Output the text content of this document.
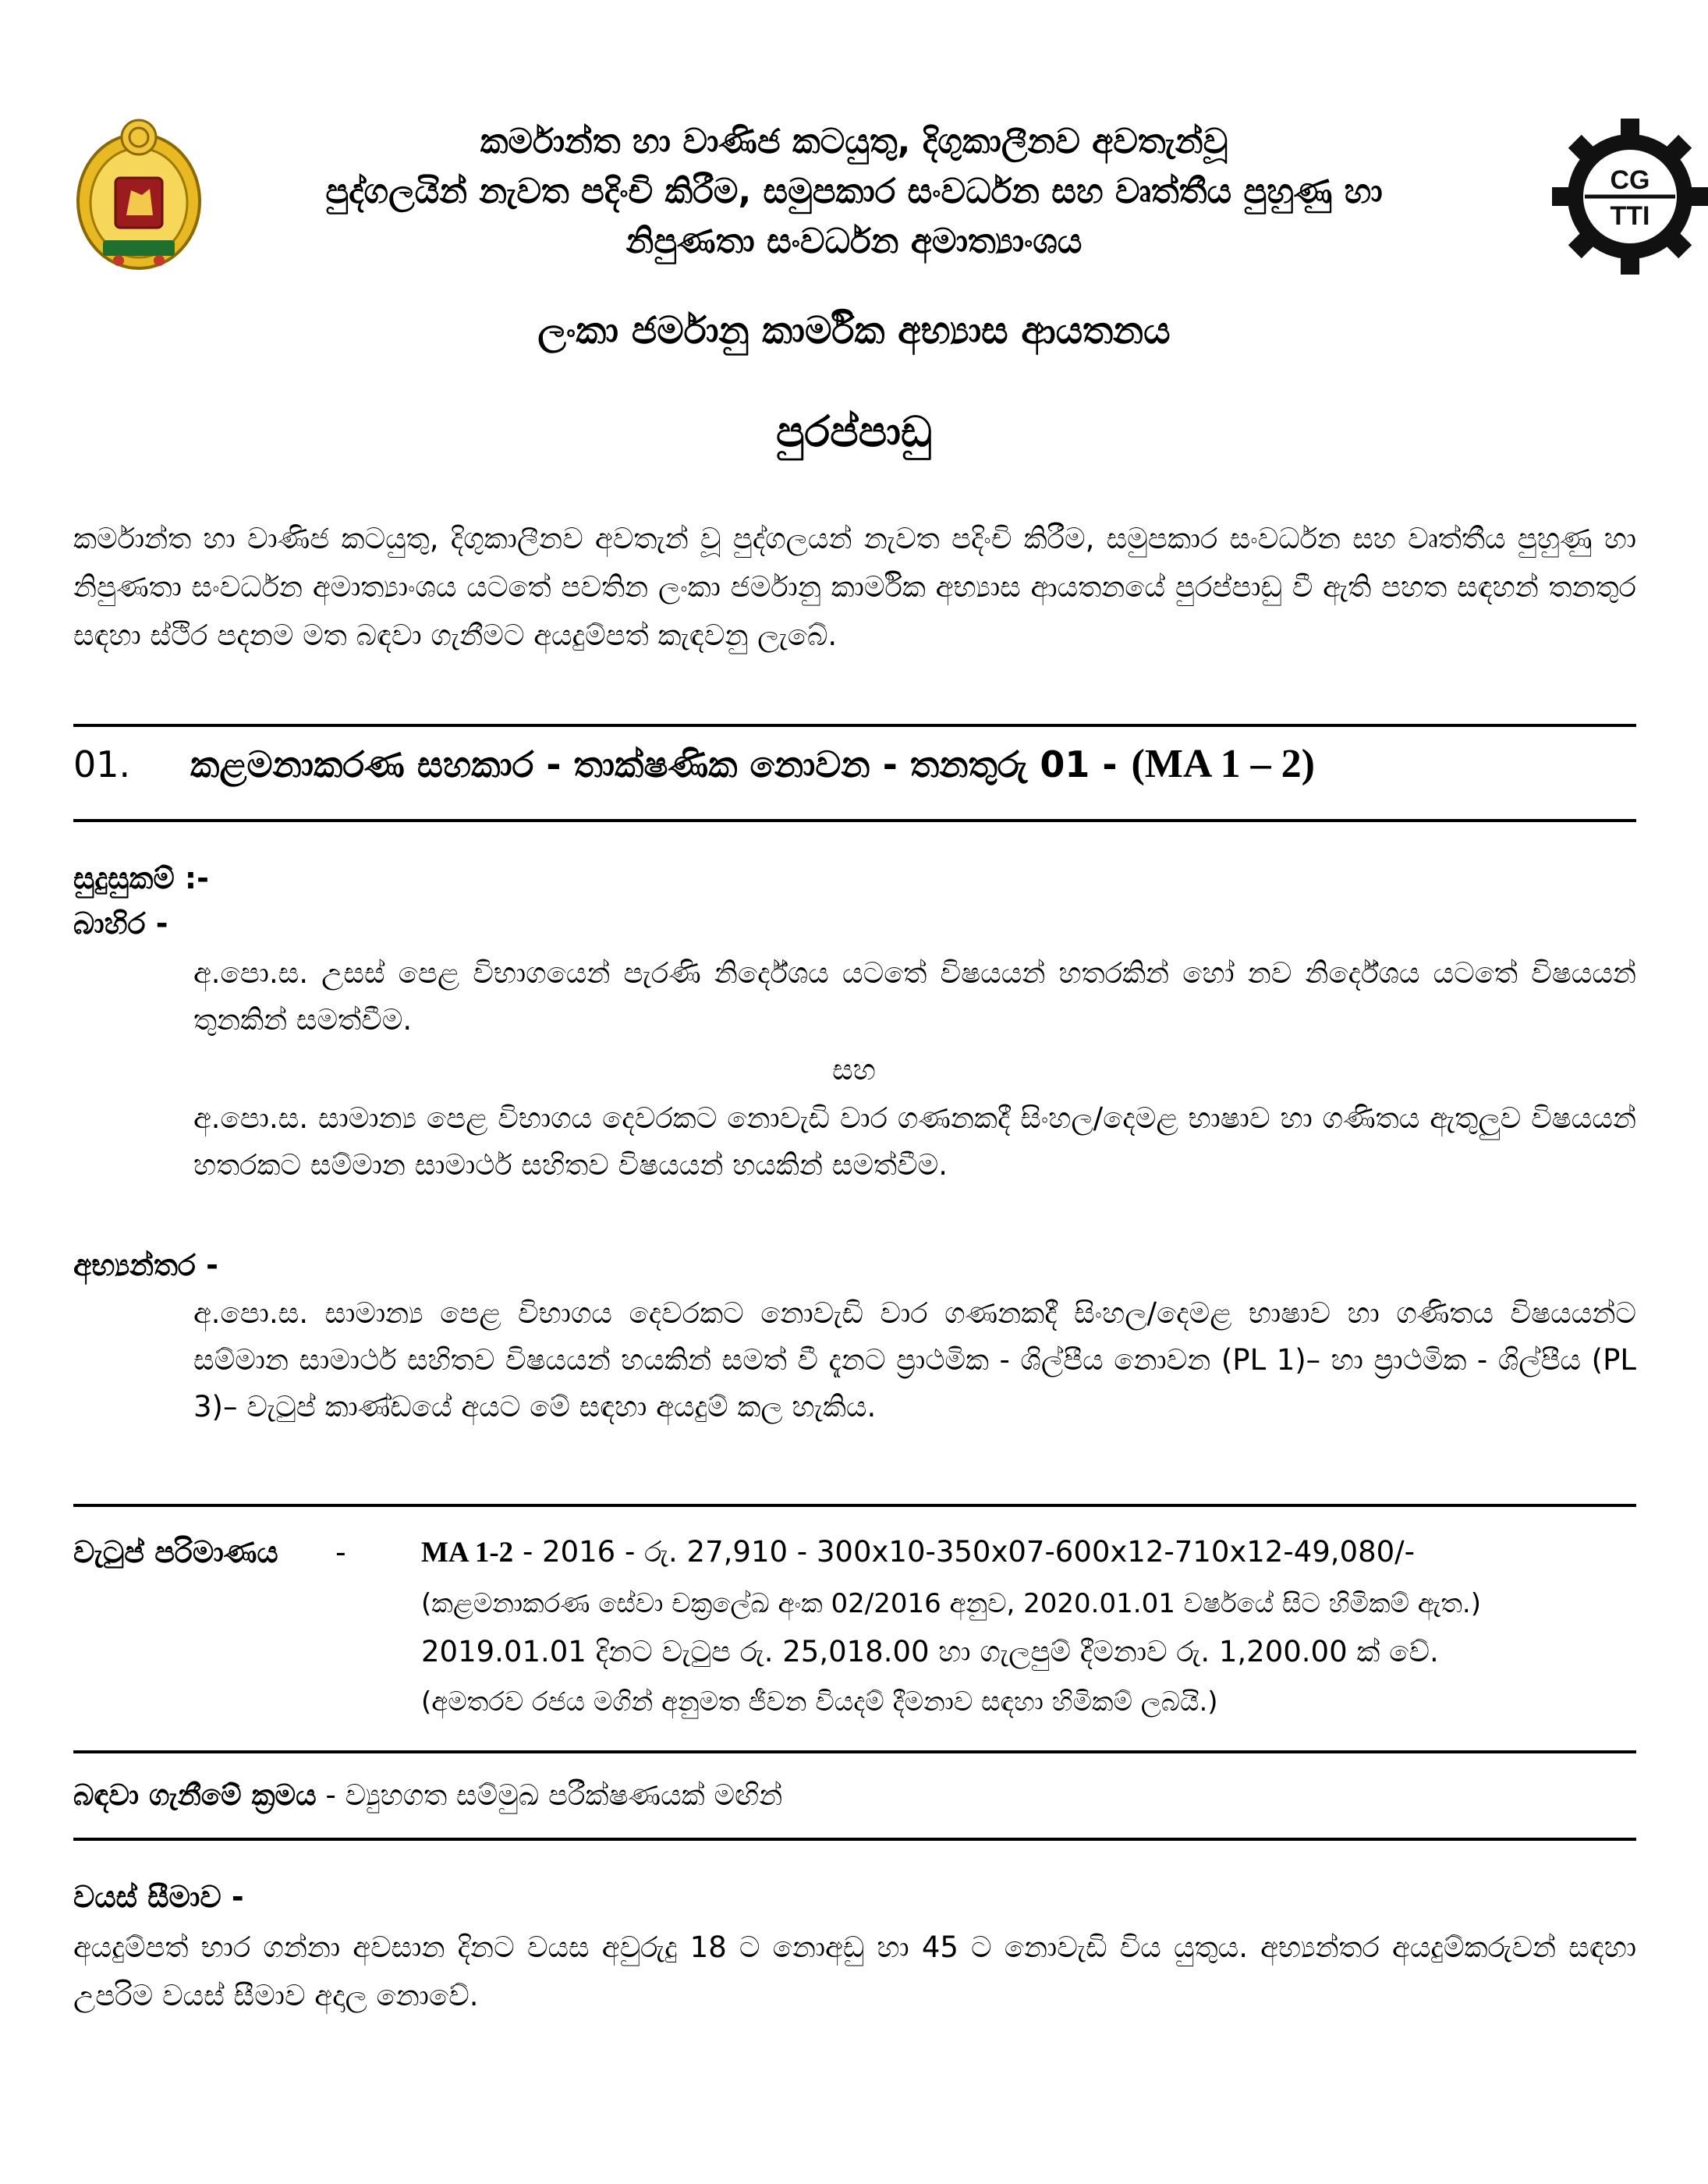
CG
TTI
කර්මාන්ත හා වාණිජ කටයුතු, දිගුකාලීනව අවතැන්වූ
පුද්ගලයින් නැවත පදිංචි කිරීම, සමුපකාර සංවර්ධන සහ වෘත්තීය පුහුණු හා
නිපුණතා සංවර්ධන අමාත්‍යාංශය
ලංකා ජර්මානු කාර්මික අභ්‍යාස ආයතනය
පුරප්පාඩු
කර්මාන්ත හා වාණිජ කටයුතු, දිගුකාලීනව අවතැන් වූ පුද්ගලයන් නැවත පදිංචි කිරීම, සමුපකාර සංවර්ධන සහ වෘත්තීය පුහුණු හා නිපුණතා සංවර්ධන අමාත්‍යාංශය යටතේ පවතින ලංකා ජර්මානු කාර්මික අභ්‍යාස ආයතනයේ පුරප්පාඩු වී ඇති පහත සඳහන් තනතුර සඳහා ස්ථිර පදනම මත බඳවා ගැනීමට අයදුම්පත් කැඳවනු ලැබේ.
01. කළමනාකරණ සහකාර - තාක්ෂණික නොවන - තනතුරු 01 - (MA 1 – 2)
සුදුසුකම් :-
බාහිර -
අ.පො.ස. උසස් පෙළ විභාගයෙන් පැරණි නිර්දේශය යටතේ විෂයයන් හතරකින් හෝ නව නිර්දේශය යටතේ විෂයයන් තුනකින් සමත්වීම.
සහ
අ.පො.ස. සාමාන්‍ය පෙළ විභාගය දෙවරකට නොවැඩි වාර ගණනකදී සිංහල/දෙමළ භාෂාව හා ගණිතය ඇතුලුව විෂයයන් හතරකට සම්මාන සාමාර්ථ සහිතව විෂයයන් හයකින් සමත්වීම.
අභ්‍යන්තර -
අ.පො.ස. සාමාන්‍ය පෙළ විභාගය දෙවරකට නොවැඩි වාර ගණනකදී සිංහල/දෙමළ භාෂාව හා ගණිතය විෂයයන්ට සම්මාන සාමාර්ථ සහිතව විෂයයන් හයකින් සමත් වී දැනට ප්‍රාථමික - ශිල්පීය නොවන (PL 1)– හා ප්‍රාථමික - ශිල්පීය (PL 3)– වැටුප් කාණ්ඩයේ අයට මේ සඳහා අයදුම් කල හැකිය.
වැටුප් පරිමාණය -	MA 1-2 - 2016 - රු. 27,910 - 300x10-350x07-600x12-710x12-49,080/-
(කළමනාකරණ සේවා චක්‍රලේඛ අංක 02/2016 අනුව, 2020.01.01 වර්ෂයේ සිට හිමිකම් ඇත.)
2019.01.01 දිනට වැටුප රු. 25,018.00 හා ගැලපුම් දීමනාව රු. 1,200.00 ක් වේ.
(අමතරව රජය මගින් අනුමත ජීවන වියදම් දීමනාව සඳහා හිමිකම් ලබයි.)
බඳවා ගැනීමේ ක්‍රමය - ව්‍යුහගත සම්මුඛ පරීක්ෂණයක් මඟින්
වයස් සීමාව -
අයදුම්පත් භාර ගන්නා අවසාන දිනට වයස අවුරුදු 18 ට නොඅඩු හා 45 ට නොවැඩි විය යුතුය. අභ්‍යන්තර අයදුම්කරුවන් සඳහා උපරිම වයස් සීමාව අදාල නොවේ.
